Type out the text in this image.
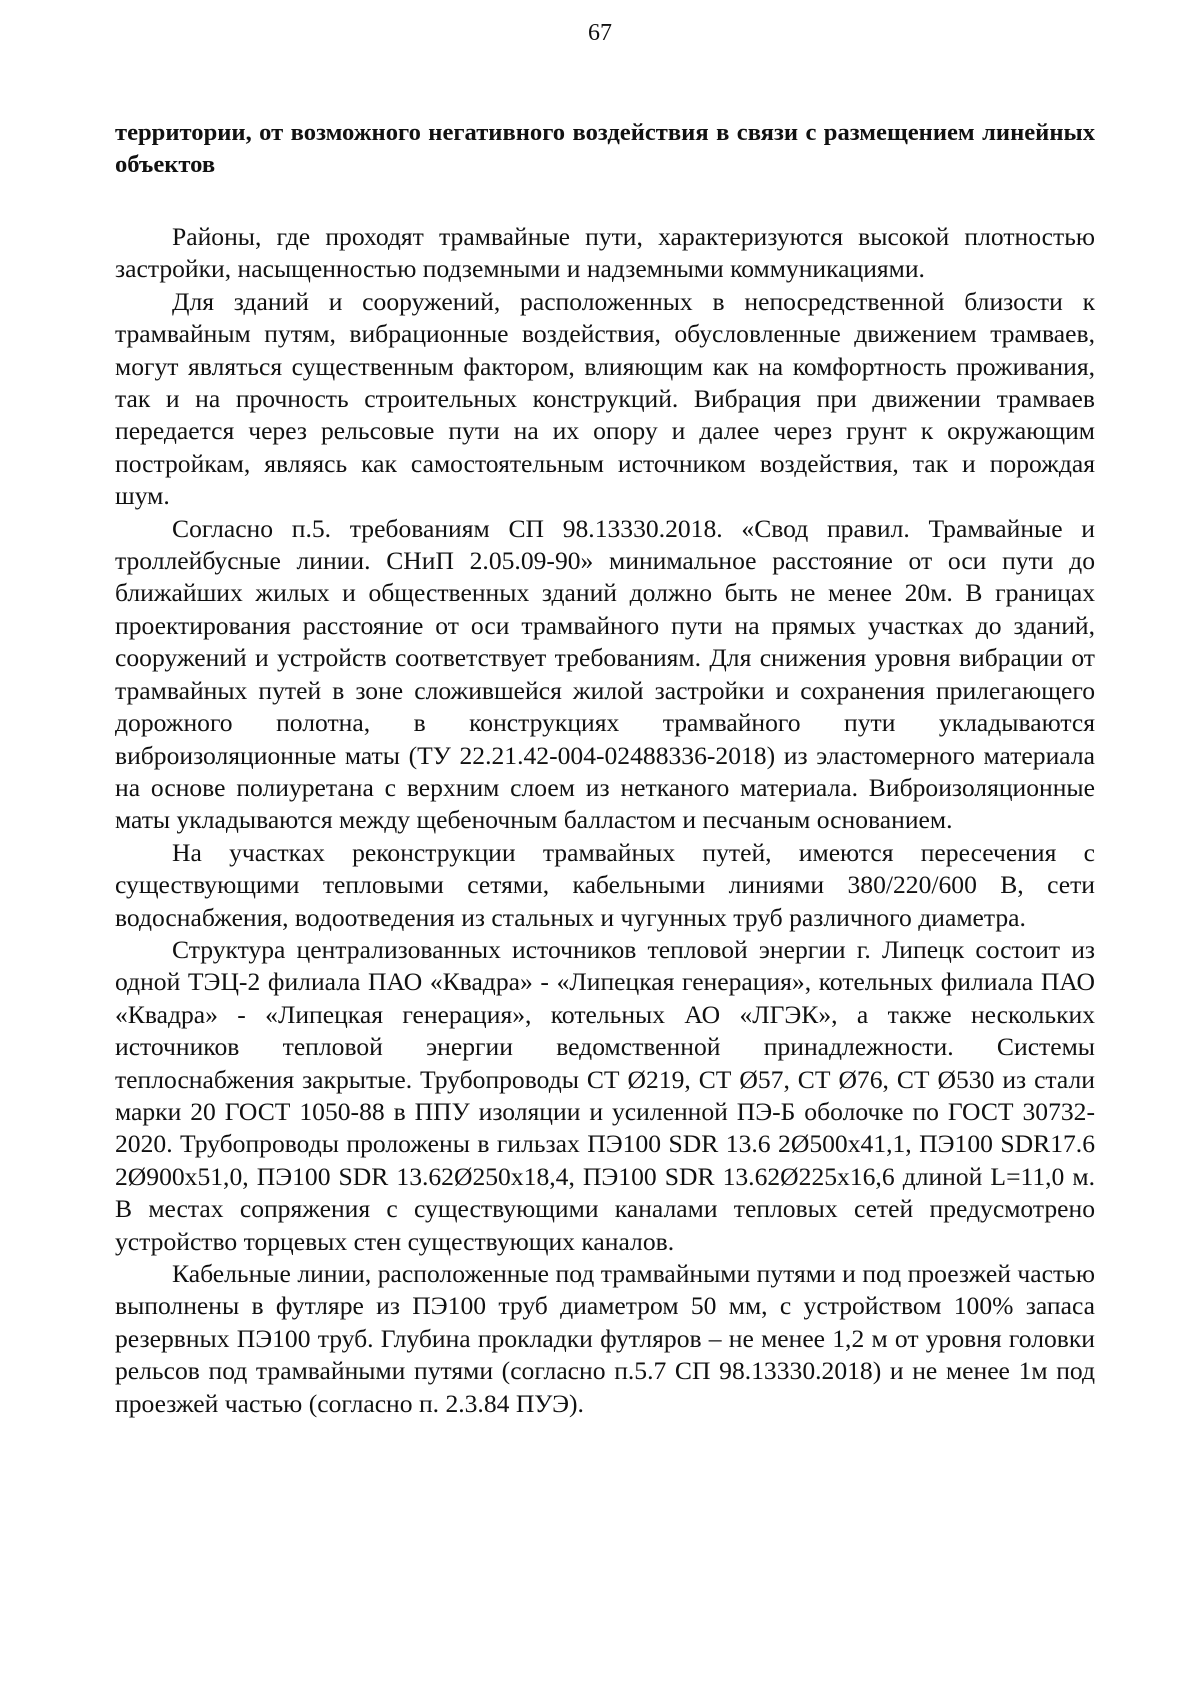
67

территории, от возможного негативного воздействия в связи с размещением линейных объектов

Районы, где проходят трамвайные пути, характеризуются высокой плотностью застройки, насыщенностью подземными и надземными коммуникациями.

Для зданий и сооружений, расположенных в непосредственной близости к трамвайным путям, вибрационные воздействия, обусловленные движением трамваев, могут являться существенным фактором, влияющим как на комфортность проживания, так и на прочность строительных конструкций. Вибрация при движении трамваев передается через рельсовые пути на их опору и далее через грунт к окружающим постройкам, являясь как самостоятельным источником воздействия, так и порождая шум.

Согласно п.5. требованиям СП 98.13330.2018. «Свод правил. Трамвайные и троллейбусные линии. СНиП 2.05.09-90» минимальное расстояние от оси пути до ближайших жилых и общественных зданий должно быть не менее 20м. В границах проектирования расстояние от оси трамвайного пути на прямых участках до зданий, сооружений и устройств соответствует требованиям. Для снижения уровня вибрации от трамвайных путей в зоне сложившейся жилой застройки и сохранения прилегающего дорожного полотна, в конструкциях трамвайного пути укладываются виброизоляционные маты (ТУ 22.21.42-004-02488336-2018) из эластомерного материала на основе полиуретана с верхним слоем из нетканого материала. Виброизоляционные маты укладываются между щебеночным балластом и песчаным основанием.

На участках реконструкции трамвайных путей, имеются пересечения с существующими тепловыми сетями, кабельными линиями 380/220/600 В, сети водоснабжения, водоотведения из стальных и чугунных труб различного диаметра.

Структура централизованных источников тепловой энергии г. Липецк состоит из одной ТЭЦ-2 филиала ПАО «Квадра» - «Липецкая генерация», котельных филиала ПАО «Квадра» - «Липецкая генерация», котельных АО «ЛГЭК», а также нескольких источников тепловой энергии ведомственной принадлежности. Системы теплоснабжения закрытые. Трубопроводы СТ Ø219, СТ Ø57, СТ Ø76, СТ Ø530 из стали марки 20 ГОСТ 1050-88 в ППУ изоляции и усиленной ПЭ-Б оболочке по ГОСТ 30732-2020. Трубопроводы проложены в гильзах ПЭ100 SDR 13.6 2Ø500х41,1, ПЭ100 SDR17.6 2Ø900х51,0, ПЭ100 SDR 13.62Ø250х18,4, ПЭ100 SDR 13.62Ø225х16,6 длиной L=11,0 м. В местах сопряжения с существующими каналами тепловых сетей предусмотрено устройство торцевых стен существующих каналов.

Кабельные линии, расположенные под трамвайными путями и под проезжей частью выполнены в футляре из ПЭ100 труб диаметром 50 мм, с устройством 100% запаса резервных ПЭ100 труб. Глубина прокладки футляров – не менее 1,2 м от уровня головки рельсов под трамвайными путями (согласно п.5.7 СП 98.13330.2018) и не менее 1м под проезжей частью (согласно п. 2.3.84 ПУЭ).
